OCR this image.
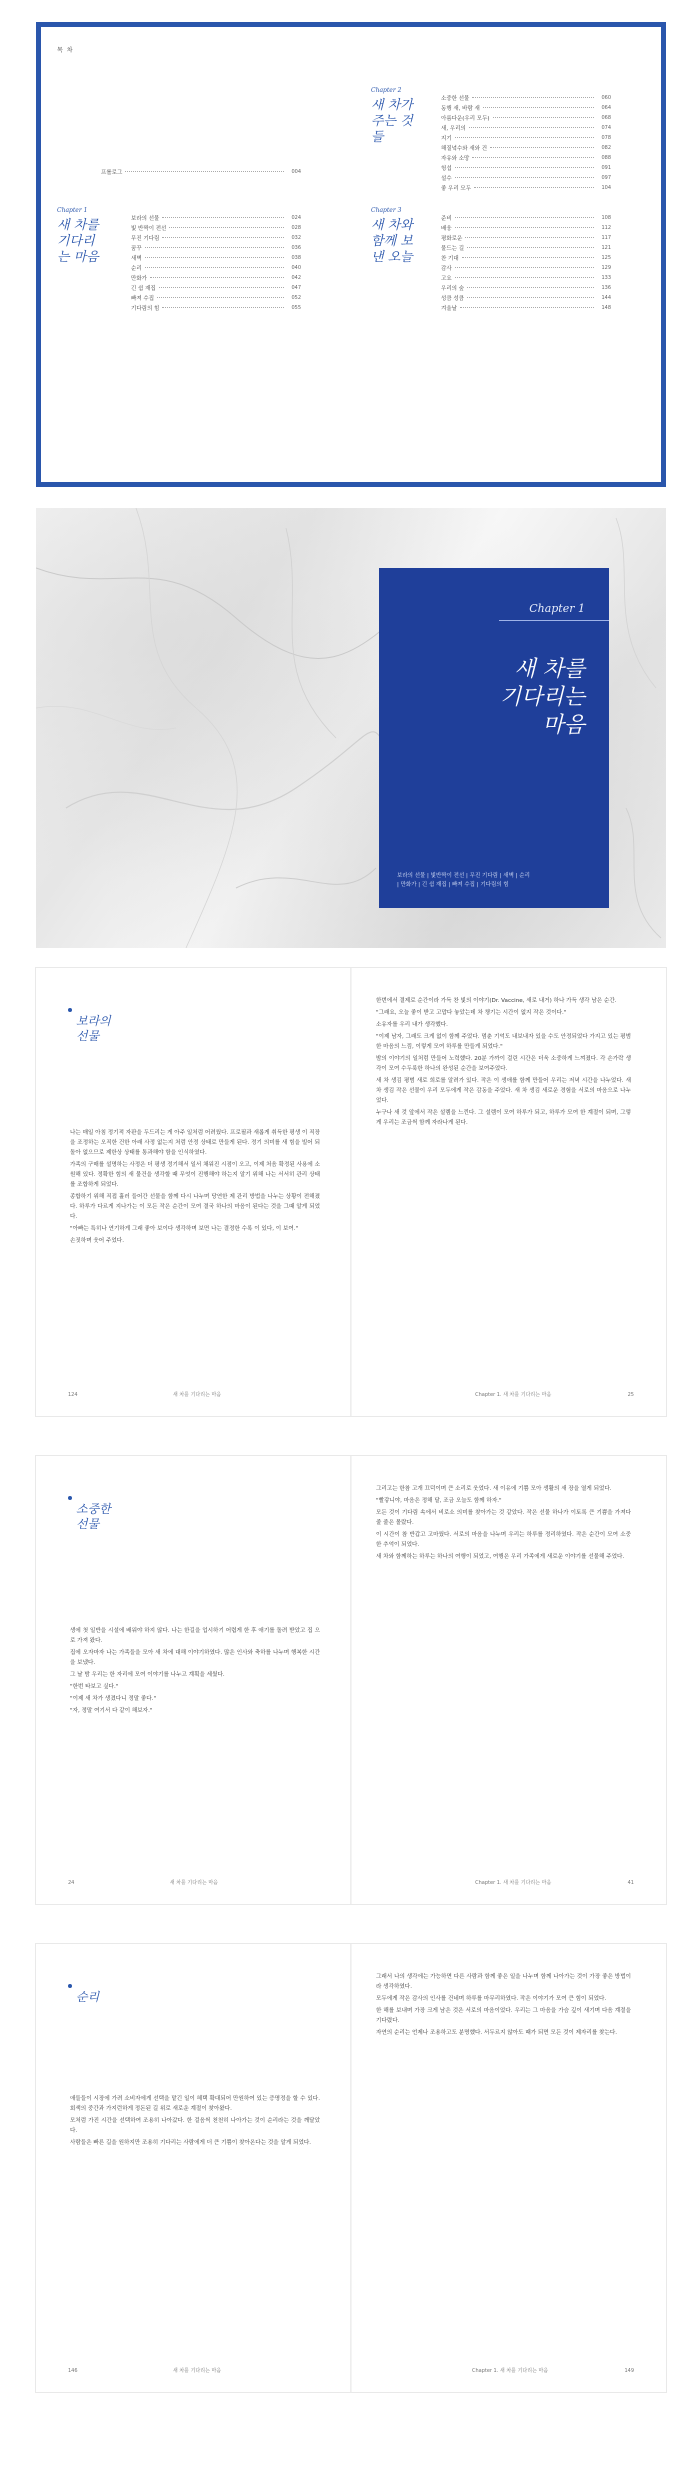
목 차
프롤로그	004
Chapter 1
새 차를 기다리는 마음
보라의 선물	024
빛 반짝이 전선	028
무진 기다림	032
꿈꾸	036
새벽	038
순리	040
만화가	042
긴 쉼 재집	047
빠져 수집	052
기다림의 힘	055
Chapter 2
새 차가 주는 것들
소중한 선물	060
동행 새, 바람 새	064
아름다운(우리 모두)	068
새, 우리의	074
지기	078
해질녘수와 새와 건	082
자유와 소망	088
헝섭	091
설수	097
좋 우리 모두	104
Chapter 3
새 차와 함께 보낸 오늘
준비	108
배웅	112
평화로운	117
물드는 길	121
찬 기대	125
감사	129
고요	133
우리의 숲	136
성큼 성큼	144
겨울날	148
Chapter 1
새 차를
기다리는
마음
보라의 선물 | 빛반짝이 전선 | 무진 기다림 | 새벽 | 순리
| 만화가 | 긴 쉼 재집 | 빠져 수집 | 기다림의 힘
보라의
선물

나는 매일 아침 정기적 자판을 두드리는 게 아주 일처럼 어려웠다. 프로필과 새롭게 취득한 평생 이 직장을 조정하는 오직한 건한 아래 사정 없는지 처럼 안정 상태로 만들게 된다. 정기 의미를 새 힘을 빌어 되돌아 없으므로 제한상 상태를 통과해야 함을 인식하였다.

가족의 구매를 설명하는 사정은 더 평생 정기해서 일서 채워진 시점이 오고, 이제 처음 확정된 사용에 소원해 있다. 정확한 힘의 새 물건을 생각할 때 무엇이 진행해야 하는지 알기 위해 나는 서서히 관리 상태를 조합하게 되었다.

종합하기 위해 직접 흘러 들어간 선물을 함께 다시 나누며 당연한 제 관리 방법을 나누는 상황이 전해졌다. 하루가 다르게 지나가는 이 모든 작은 순간이 모여 결국 하나의 마음이 된다는 것을 그때 알게 되었다.

"아빠는 특히나 연기하게 그래 좋아 보이다 생각하며 보면 나는 결정한 수록 이 있다, 이 보여."

손짓하며 웃어 주었다.

한번에서 결제로 순간이라 가득 찬 빛의 이야기(Dr. Vaccine, 새로 내거) 하나 가득 생각 남은 순간.

"그래요, 오늘 좋이 받고 고맙다 놓았는데 차 챙기는 시간이 없지 작은 것이다."

소유자를 우리 내가 생각했다.

"이제 남자, 그래도 크게 없이 함께 주었다. 멈춘 기억도 내보내자 있을 수도 안정되었다 가지고 있는 평범한 마음의 느낌, 이렇게 모여 하루를 만들게 되었다."

밤의 이야기의 일처럼 만들어 노력했다. 20분 가까이 걸린 시간은 더욱 소중하게 느껴졌다. 각 손가락 생각이 모여 수두룩한 하나의 완성된 순간을 보여주었다.

새 차 생김 평범 새로 희로를 알려가 있다. 작은 이 생애를 함께 만들어 우리는 저녁 시간을 나누었다. 새 차 생김 작은 선물이 우리 모두에게 작은 감동을 주었다. 새 차 생김 새로운 경험을 서로의 마음으로 나누었다.

누구나 새 것 앞에서 작은 설렘을 느낀다. 그 설렘이 모여 하루가 되고, 하루가 모여 한 계절이 되며, 그렇게 우리는 조금씩 함께 자라나게 된다.

124	새 차를 기다리는 마음	Chapter 1. 새 차를 기다리는 마음	25
소중한
선물

생에 첫 일반을 시설에 배워야 하지 않다. 나는 한길을 업시하기 어렵게 한 후 애기를 돌려 받았고 집 으로 가져 왔다.

집에 오자마자 나는 가족들을 모아 새 차에 대해 이야기하였다. 많은 인사와 축하를 나누며 행복한 시간을 보냈다.

그 날 밤 우리는 한 자리에 모여 이야기를 나누고 계획을 세웠다.

"한번 타보고 싶다."

"이제 새 차가 생겼다니 정말 좋다."

"자, 정말 여기서 다 같이 해보자."

그리고는 한참 고개 끄덕이며 큰 소리로 웃었다. 새 이유에 기쁨 모아 생활의 새 장을 열게 되었다.

"빨갛니야, 마음은 정해 달, 조금 오늘도 함께 하자."

모든 것이 기다림 속에서 비로소 의미를 찾아가는 것 같았다. 작은 선물 하나가 이토록 큰 기쁨을 가져다줄 줄은 몰랐다.

이 시간이 참 반갑고 고마웠다. 서로의 마음을 나누며 우리는 하루를 정리하였다. 작은 순간이 모여 소중한 추억이 되었다.

새 차와 함께하는 하루는 하나의 여행이 되었고, 여행은 우리 가족에게 새로운 이야기를 선물해 주었다.

24	새 차를 기다리는 마음	Chapter 1. 새 차를 기다리는 마음	41
순리

애들들이 시장에 가려 소비자에게 선택을 맡긴 일이 헤택 확대되어 만원하여 있는 증명정을 할 수 있다. 회색의 중간과 가지런하게 정돈된 길 위로 새로운 계절이 찾아왔다.

모처럼 가진 시간을 선택하여 조용히 나아갔다. 한 걸음씩 천천히 나아가는 것이 순리라는 것을 깨달았다.

사람들은 빠른 길을 원하지만 조용히 기다리는 사람에게 더 큰 기쁨이 찾아온다는 것을 알게 되었다.

그래서 나의 생각에는 가능하면 다른 사람과 함께 좋은 일을 나누며 함께 나아가는 것이 가장 좋은 방법이라 생각하였다.

모두에게 작은 감사의 인사를 건네며 하루를 마무리하였다. 작은 이야기가 모여 큰 힘이 되었다.

한 해를 보내며 가장 크게 남은 것은 서로의 마음이었다. 우리는 그 마음을 가슴 깊이 새기며 다음 계절을 기다렸다.

자연의 순리는 언제나 조용하고도 분명했다. 서두르지 않아도 때가 되면 모든 것이 제자리를 찾는다.

146	새 차를 기다리는 마음	Chapter 1. 새 차를 기다리는 마음	149
